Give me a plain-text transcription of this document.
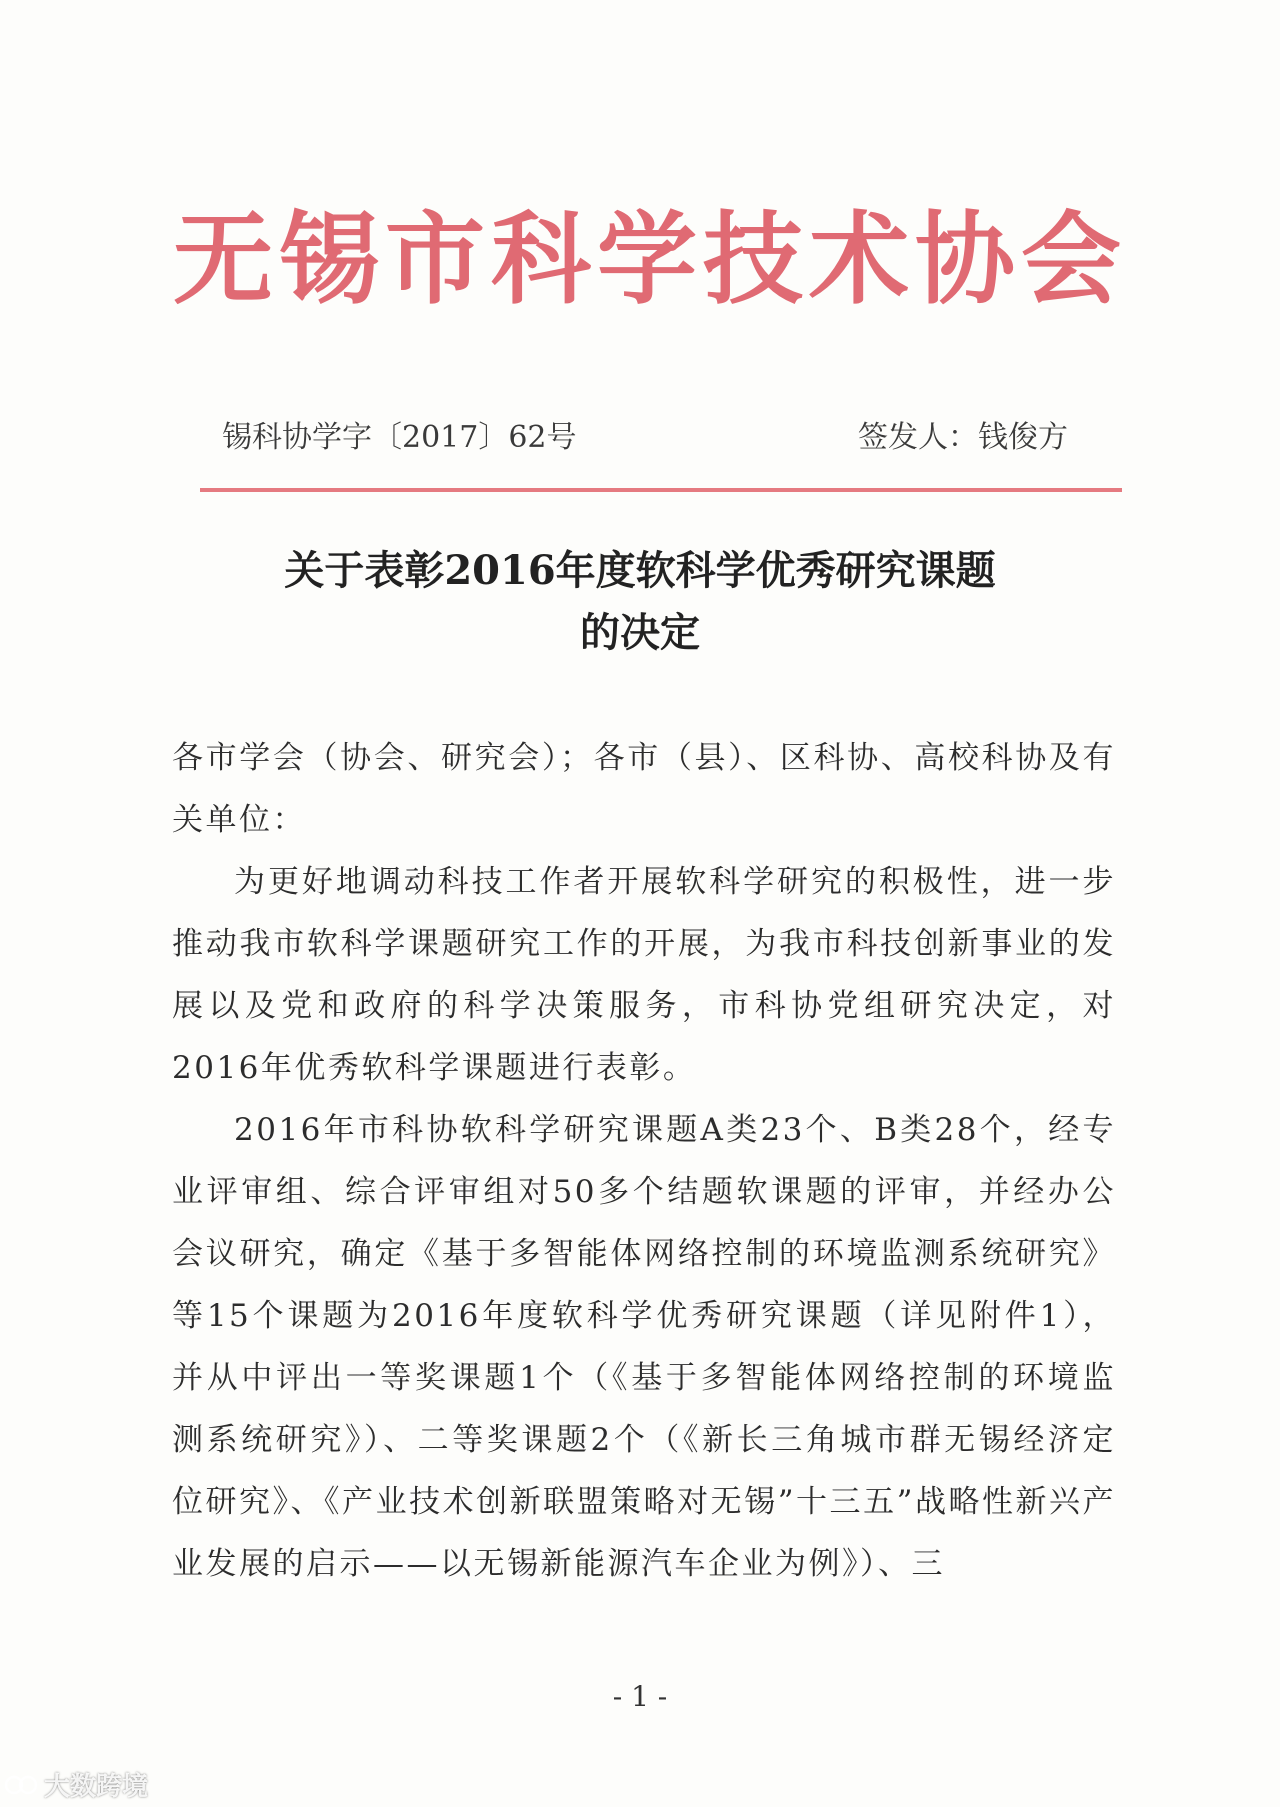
无锡市科学技术协会
锡科协学字〔2017〕62号	签发人：钱俊方
关于表彰2016年度软科学优秀研究课题
的决定

各市学会（协会、研究会）；各市（县）、区科协、高校科协及有关单位：

为更好地调动科技工作者开展软科学研究的积极性，进一步推动我市软科学课题研究工作的开展，为我市科技创新事业的发展以及党和政府的科学决策服务，市科协党组研究决定，对2016年优秀软科学课题进行表彰。

2016年市科协软科学研究课题A类23个、B类28个，经专业评审组、综合评审组对50多个结题软课题的评审，并经办公会议研究，确定《基于多智能体网络控制的环境监测系统研究》等15个课题为2016年度软科学优秀研究课题（详见附件1），并从中评出一等奖课题1个（《基于多智能体网络控制的环境监测系统研究》）、二等奖课题2个（《新长三角城市群无锡经济定位研究》、《产业技术创新联盟策略对无锡”十三五”战略性新兴产业发展的启示——以无锡新能源汽车企业为例》）、三

- 1 -
大数跨境
